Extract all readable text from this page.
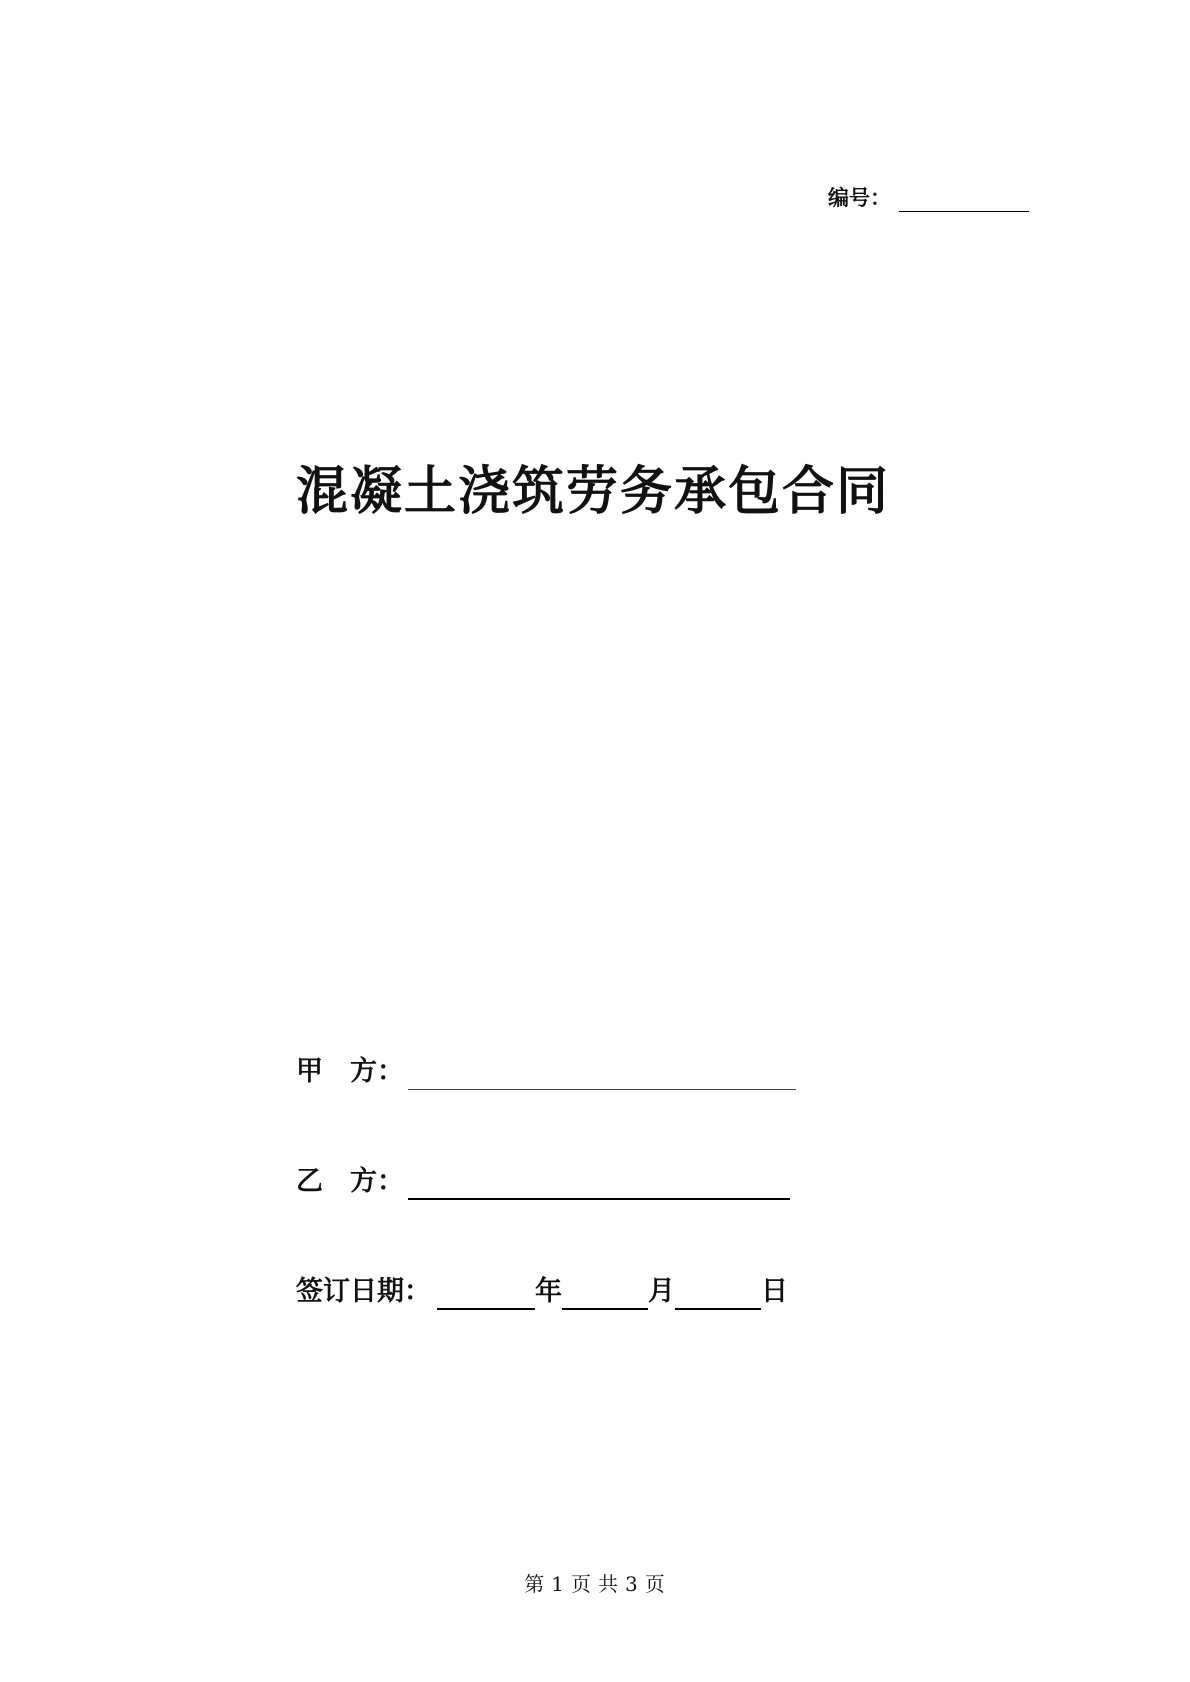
编号：
混凝土浇筑劳务承包合同
甲　方：
乙　方：
签订日期：	年	月	日
第 1 页 共 3 页
